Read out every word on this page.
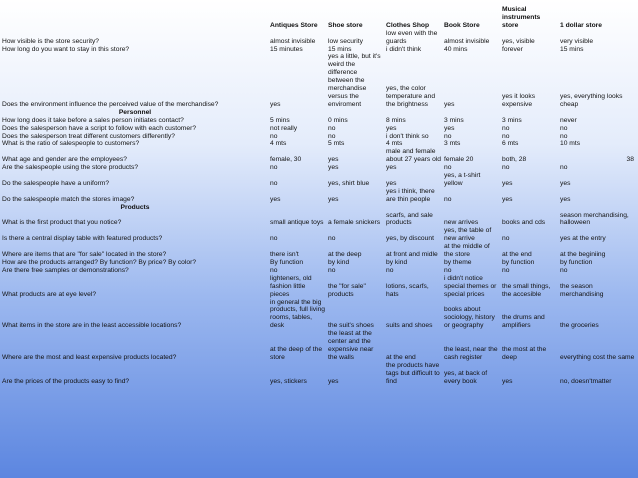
	Antiques Store	Shoe store	Clothes Shop	Book Store	Musical instruments store	1 dollar store
How visible is the store security?	almost invisible	low security	low even with the guards	almost invisible	yes, visible	very visible
How long do you want to stay in this store?	15 minutes	15 mins	i didn't think	40 mins	forever	15 mins
Does the environment influence the perceived value of the merchandise?	yes	yes a little, but it's weird the difference between the merchandise versus the enviroment	yes, the color temperature and the brightness	yes	yes it looks expensive	yes, everything looks cheap
Personnel						
How long does it take before a sales person initiates contact?	5 mins	0 mins	8 mins	3 mins	3 mins	never
Does the salesperson have a script to follow with each customer?	not really	no	yes	yes	no	no
Does the salesperson treat different customers differently?	no	no	i don't think so	no	no	no
What is the ratio of salespeople to customers?	4 mts	5 mts	4 mts	3 mts	6 mts	10 mts
What age and gender are the employees?	female, 30	yes	male and female about 27 years old	female 20	both, 28	38
Are the salespeople using the store products?	no	yes	yes	no	no	no
Do the salespeople have a uniform?	no	yes, shirt blue	yes	yes, a t-shirt yellow	yes	yes
Do the salespeople match the stores image?	yes	yes	yes i think, there are thin people	no	yes	yes
Products						
What is the first product that you notice?	small antique toys	a female snickers	scarfs, and sale products	new arrives	books and cds	season merchandising, halloween
Is there a central display table with featured products?	no	no	yes, by discount	yes, the table of new arrive	no	yes at the entry
Where are items that are "for sale" located in the store?	there isn't	at the deep	at front and midle	at the middle of the store	at the end	at the beginiing
How are the products arranged? By function? By price? By color?	By function	by kind	by kind	by theme	by function	by function
Are there free samples or demonstrations?	no	no	no	no	no	no
What products are at eye level?	lighteners, old fashion little pieces	the "for sale" products	lotions, scarfs, hats	i didn't notice special themes or special prices	the small things, the accesible	the season merchandising
What items in the store are in the least accessible locations?	in general the big products, full living rooms, tables, desk	the suit's shoes	suits and shoes	books about sociology, history or geography	the drums and amplifiers	the groceries
Where are the most and least expensive products located?	at the deep of the store	the least at the center and the expensive near the walls	at the end	the least, near the cash register	the most at the deep	everything cost the same
Are the prices of the products easy to find?	yes, stickers	yes	the products have tags but difficult to find	yes, at back of every book	yes	no, doesn'tmatter
